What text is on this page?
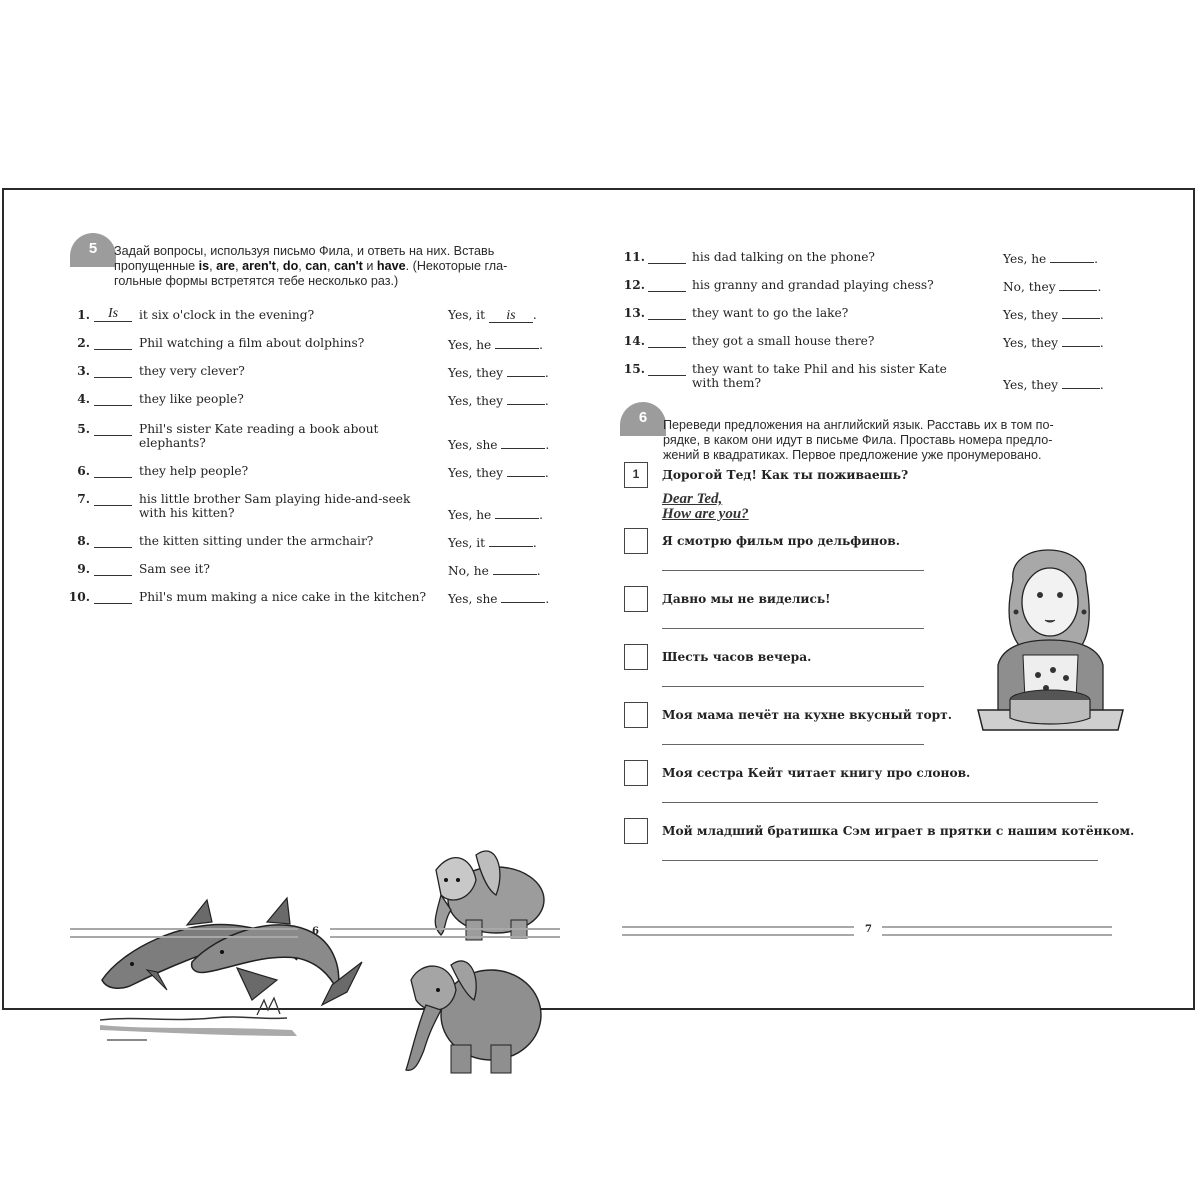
5	Задай вопросы, используя письмо Фила, и ответь на них. Вставь
пропущенные is, are, aren't, do, can, can't и have. (Некоторые гла-
гольные формы встретятся тебе несколько раз.)
1.	Is	it six o'clock in the evening?	Yes, it is .
2.	Phil watching a film about dolphins?	Yes, he	.
3.	they very clever?	Yes, they	.
4.	they like people?	Yes, they	.
5.	Phil's sister Kate reading a book about
elephants?	Yes, she	.
6.	they help people?	Yes, they	.
7.	his little brother Sam playing hide-and-seek
with his kitten?	Yes, he	.
8.	the kitten sitting under the armchair?	Yes, it	.
9.	Sam see it?	No, he	.
10.	Phil's mum making a nice cake in the kitchen? Yes, she	.
6
11.	his dad talking on the phone?	Yes, he	.
12.	his granny and grandad playing chess?	No, they	.
13.	they want to go the lake?	Yes, they	.
14.	they got a small house there?	Yes, they	.
15.	they want to take Phil and his sister Kate
with them?	Yes, they	.
6	Переведи предложения на английский язык. Расставь их в том по-
рядке, в каком они идут в письме Фила. Проставь номера предло-
жений в квадратиках. Первое предложение уже пронумеровано.
1	Дорогой Тед! Как ты поживаешь?
Dear Ted,
How are you?
Я смотрю фильм про дельфинов.
Давно мы не виделись!
Шесть часов вечера.
Моя мама печёт на кухне вкусный торт.
Моя сестра Кейт читает книгу про слонов.
Мой младший братишка Сэм играет в прятки с нашим котёнком.
7
